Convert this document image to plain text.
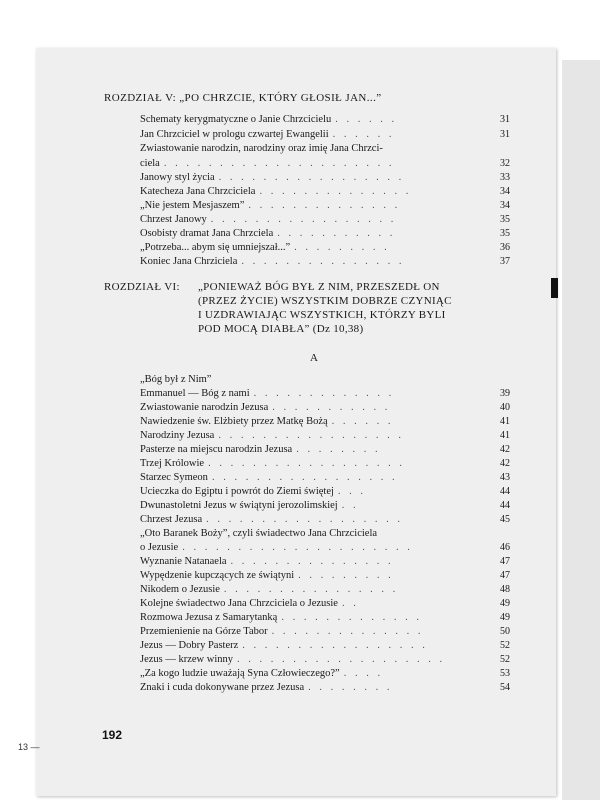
13 —
ROZDZIAŁ V: „PO CHRZCIE, KTÓRY GŁOSIŁ JAN...”
Schematy kerygmatyczne o Janie Chrzcicielu . . . . . .	31
Jan Chrzciciel w prologu czwartej Ewangelii . . . . . .	31
Zwiastowanie narodzin, narodziny oraz imię Jana Chrzci-
ciela . . . . . . . . . . . . . . . . . . . . .	32
Janowy styl życia . . . . . . . . . . . . . . . . .	33
Katecheza Jana Chrzciciela . . . . . . . . . . . . . .	34
„Nie jestem Mesjaszem” . . . . . . . . . . . . . .	34
Chrzest Janowy . . . . . . . . . . . . . . . . .	35
Osobisty dramat Jana Chrzciela . . . . . . . . . . .	35
„Potrzeba... abym się umniejszał...” . . . . . . . . .	36
Koniec Jana Chrziciela . . . . . . . . . . . . . . .	37
ROZDZIAŁ VI: „PONIEWAŻ BÓG BYŁ Z NIM, PRZESZEDŁ ON
(PRZEZ ŻYCIE) WSZYSTKIM DOBRZE CZYNIĄC
I UZDRAWIAJĄC WSZYSTKICH, KTÓRZY BYLI
POD MOCĄ DIABŁA” (Dz 10,38)
A
„Bóg był z Nim”
Emmanuel — Bóg z nami . . . . . . . . . . . . .	39
Zwiastowanie narodzin Jezusa . . . . . . . . . . .	40
Nawiedzenie św. Elżbiety przez Matkę Bożą . . . . . .	41
Narodziny Jezusa . . . . . . . . . . . . . . . . .	41
Pasterze na miejscu narodzin Jezusa . . . . . . . .	42
Trzej Królowie . . . . . . . . . . . . . . . . . .	42
Starzec Symeon . . . . . . . . . . . . . . . . .	43
Ucieczka do Egiptu i powrót do Ziemi świętej . . .	44
Dwunastoletni Jezus w świątyni jerozolimskiej . .	44
Chrzest Jezusa . . . . . . . . . . . . . . . . . .	45
„Oto Baranek Boży”, czyli świadectwo Jana Chrzciciela
o Jezusie . . . . . . . . . . . . . . . . . . . . .	46
Wyznanie Natanaela . . . . . . . . . . . . . . .	47
Wypędzenie kupczących ze świątyni . . . . . . . . .	47
Nikodem o Jezusie . . . . . . . . . . . . . . . .	48
Kolejne świadectwo Jana Chrzciciela o Jezusie . .	49
Rozmowa Jezusa z Samarytanką . . . . . . . . . . . . .	49
Przemienienie na Górze Tabor . . . . . . . . . . . . . .	50
Jezus — Dobry Pasterz . . . . . . . . . . . . . . . . .	52
Jezus — krzew winny . . . . . . . . . . . . . . . . . . .	52
„Za kogo ludzie uważają Syna Człowieczego?” . . . .	53
Znaki i cuda dokonywane przez Jezusa . . . . . . . .	54
192
